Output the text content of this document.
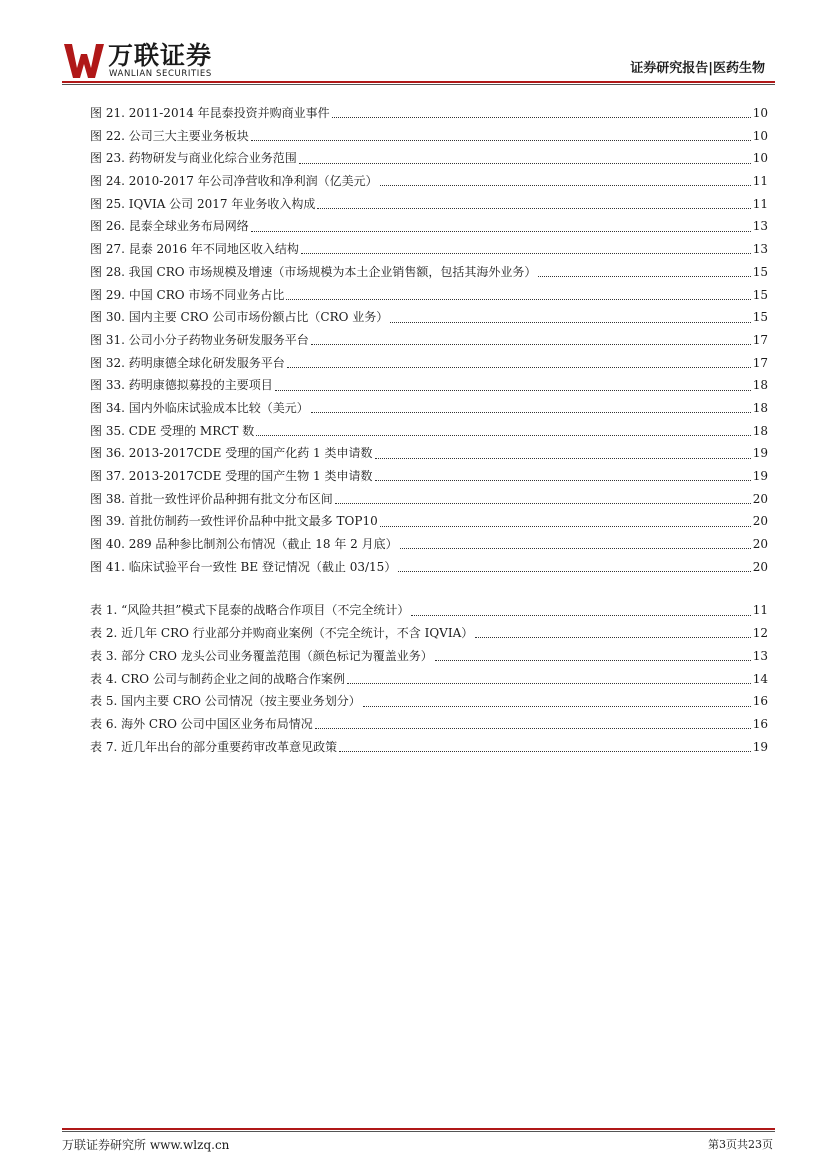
万联证券
WANLIAN SECURITIES	证券研究报告|医药生物
图 21. 2011-2014 年昆泰投资并购商业事件	10
图 22. 公司三大主要业务板块	10
图 23. 药物研发与商业化综合业务范围	10
图 24. 2010-2017 年公司净营收和净利润（亿美元）	11
图 25. IQVIA 公司 2017 年业务收入构成	11
图 26. 昆泰全球业务布局网络	13
图 27. 昆泰 2016 年不同地区收入结构	13
图 28. 我国 CRO 市场规模及增速（市场规模为本土企业销售额，包括其海外业务）	15
图 29. 中国 CRO 市场不同业务占比	15
图 30. 国内主要 CRO 公司市场份额占比（CRO 业务）	15
图 31. 公司小分子药物业务研发服务平台	17
图 32. 药明康德全球化研发服务平台	17
图 33. 药明康德拟募投的主要项目	18
图 34. 国内外临床试验成本比较（美元）	18
图 35. CDE 受理的 MRCT 数	18
图 36. 2013-2017CDE 受理的国产化药 1 类申请数	19
图 37. 2013-2017CDE 受理的国产生物 1 类申请数	19
图 38. 首批一致性评价品种拥有批文分布区间	20
图 39. 首批仿制药一致性评价品种中批文最多 TOP10	20
图 40. 289 品种参比制剂公布情况（截止 18 年 2 月底）	20
图 41. 临床试验平台一致性 BE 登记情况（截止 03/15）	20
表 1. “风险共担”模式下昆泰的战略合作项目（不完全统计）	11
表 2. 近几年 CRO 行业部分并购商业案例（不完全统计，不含 IQVIA）	12
表 3. 部分 CRO 龙头公司业务覆盖范围（颜色标记为覆盖业务）	13
表 4. CRO 公司与制药企业之间的战略合作案例	14
表 5. 国内主要 CRO 公司情况（按主要业务划分）	16
表 6. 海外 CRO 公司中国区业务布局情况	16
表 7. 近几年出台的部分重要药审改革意见政策	19
万联证券研究所 www.wlzq.cn	第3页共23页
